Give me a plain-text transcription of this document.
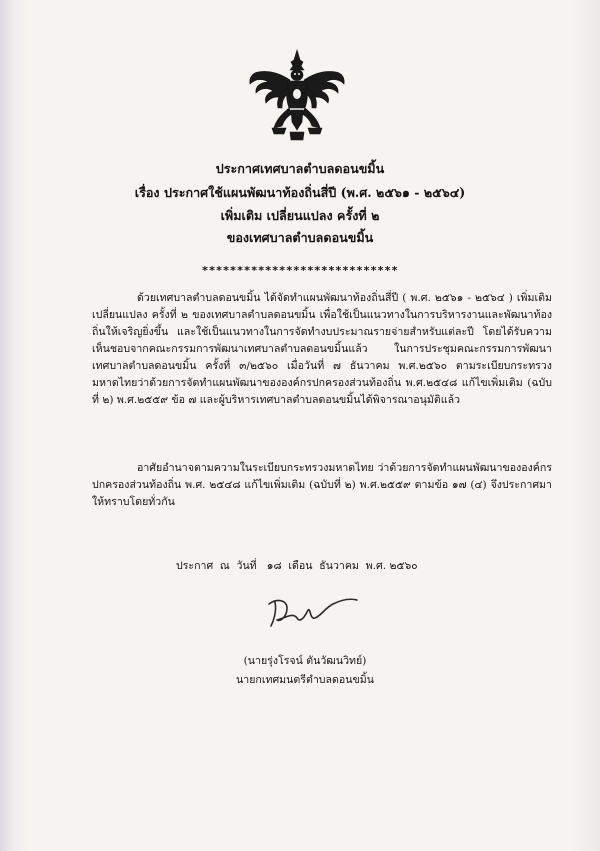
ประกาศเทศบาลตำบลดอนขมิ้น
เรื่อง ประกาศใช้แผนพัฒนาท้องถิ่นสี่ปี (พ.ศ. ๒๕๖๑ - ๒๕๖๔)
เพิ่มเติม เปลี่ยนแปลง ครั้งที่ ๒
ของเทศบาลตำบลดอนขมิ้น
****************************

ด้วยเทศบาลตำบลดอนขมิ้น ได้จัดทำแผนพัฒนาท้องถิ่นสี่ปี ( พ.ศ. ๒๕๖๑ - ๒๕๖๔ ) เพิ่มเติม เปลี่ยนแปลง ครั้งที่ ๒ ของเทศบาลตำบลดอนขมิ้น เพื่อใช้เป็นแนวทางในการบริหารงานและพัฒนาท้องถิ่นให้เจริญยิ่งขึ้น และใช้เป็นแนวทางในการจัดทำงบประมาณรายจ่ายสำหรับแต่ละปี โดยได้รับความเห็นชอบจากคณะกรรมการพัฒนาเทศบาลตำบลดอนขมิ้นแล้ว ในการประชุมคณะกรรมการพัฒนาเทศบาลตำบลดอนขมิ้น ครั้งที่ ๓/๒๕๖๐ เมื่อวันที่ ๗ ธันวาคม พ.ศ.๒๕๖๐ ตามระเบียบกระทรวงมหาดไทยว่าด้วยการจัดทำแผนพัฒนาขององค์กรปกครองส่วนท้องถิ่น พ.ศ.๒๕๔๘ แก้ไขเพิ่มเติม (ฉบับที่ ๒) พ.ศ.๒๕๕๙ ข้อ ๗ และผู้บริหารเทศบาลตำบลดอนขมิ้นได้พิจารณาอนุมัติแล้ว

อาศัยอำนาจตามความในระเบียบกระทรวงมหาดไทย ว่าด้วยการจัดทำแผนพัฒนาขององค์กรปกครองส่วนท้องถิ่น พ.ศ. ๒๕๔๘ แก้ไขเพิ่มเติม (ฉบับที่ ๒) พ.ศ.๒๕๕๙ ตามข้อ ๑๗ (๔) จึงประกาศมาให้ทราบโดยทั่วกัน

ประกาศ  ณ  วันที่   ๑๘  เดือน  ธันวาคม  พ.ศ. ๒๕๖๐
(นายรุ่งโรจน์ ตันวัฒนวิทย์)
นายกเทศมนตรีตำบลดอนขมิ้น
